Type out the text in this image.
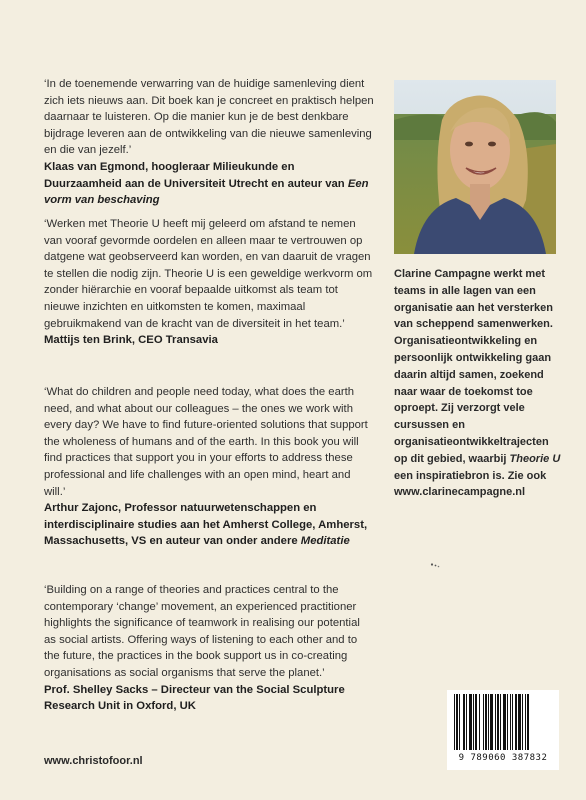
‘In de toenemende verwarring van de huidige samenleving dient zich iets nieuws aan. Dit boek kan je concreet en praktisch helpen daarnaar te luisteren. Op die manier kun je de best denkbare bijdrage leveren aan de ontwikkeling van die nieuwe samenleving en die van jezelf.’

Klaas van Egmond, hoogleraar Milieukunde en Duurzaamheid aan de Universiteit Utrecht en auteur van Een vorm van beschaving

‘Werken met Theorie U heeft mij geleerd om afstand te nemen van vooraf gevormde oordelen en alleen maar te vertrouwen op datgene wat geobserveerd kan worden, en van daaruit de vragen te stellen die nodig zijn. Theorie U is een geweldige werkvorm om zonder hiërarchie en vooraf bepaalde uitkomst als team tot nieuwe inzichten en uitkomsten te komen, maximaal gebruikmakend van de kracht van de diversiteit in het team.’

Mattijs ten Brink, CEO Transavia

‘What do children and people need today, what does the earth need, and what about our colleagues – the ones we work with every day? We have to find future-oriented solutions that support the wholeness of humans and of the earth. In this book you will find practices that support you in your efforts to address these professional and life challenges with an open mind, heart and will.’

Arthur Zajonc, Professor natuurwetenschappen en interdisciplinaire studies aan het Amherst College, Amherst, Massachusetts, VS en auteur van onder andere Meditatie

‘Building on a range of theories and practices central to the contemporary ‘change’ movement, an experienced practitioner highlights the significance of teamwork in realising our potential as social artists. Offering ways of listening to each other and to the future, the practices in the book support us in co-creating organisations as social organisms that serve the planet.’

Prof. Shelley Sacks – Directeur van the Social Sculpture Research Unit in Oxford, UK

Clarine Campagne werkt met teams in alle lagen van een organisatie aan het versterken van scheppend samenwerken. Organisatieontwikkeling en persoonlijk ontwikkeling gaan daarin altijd samen, zoekend naar waar de toekomst toe oproept. Zij verzorgt vele cursussen en organisatieontwikkeltrajecten op dit gebied, waarbij Theorie U een inspiratiebron is. Zie ook www.clarinecampagne.nl
www.christofoor.nl	9 789060 387832
